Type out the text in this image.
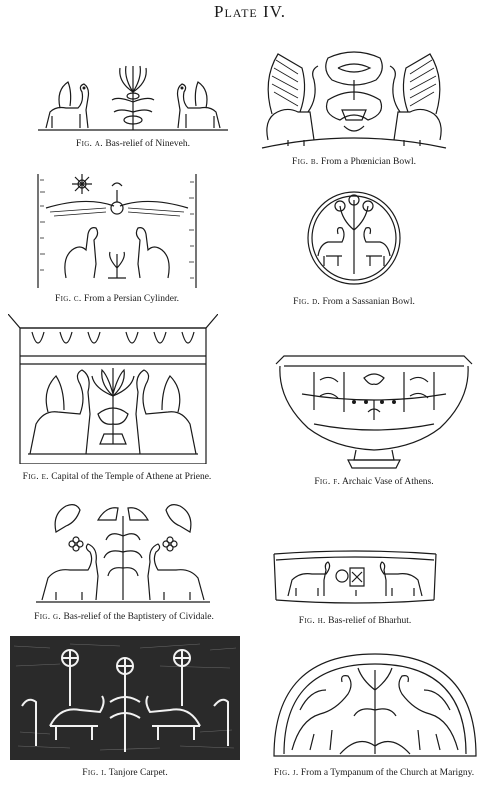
Plate IV.
Fig. a. Bas-relief of Nineveh.
Fig. b. From a Phœnician Bowl.
Fig. c. From a Persian Cylinder.	Fig. d. From a Sassanian Bowl.
Fig. e. Capital of the Temple of Athene at Priene.	Fig. f. Archaic Vase of Athens.
Fig. g. Bas-relief of the Baptistery of Cividale.	Fig. h. Bas-relief of Bharhut.
Fig. i. Tanjore Carpet.	Fig. j. From a Tympanum of the Church at Marigny.
